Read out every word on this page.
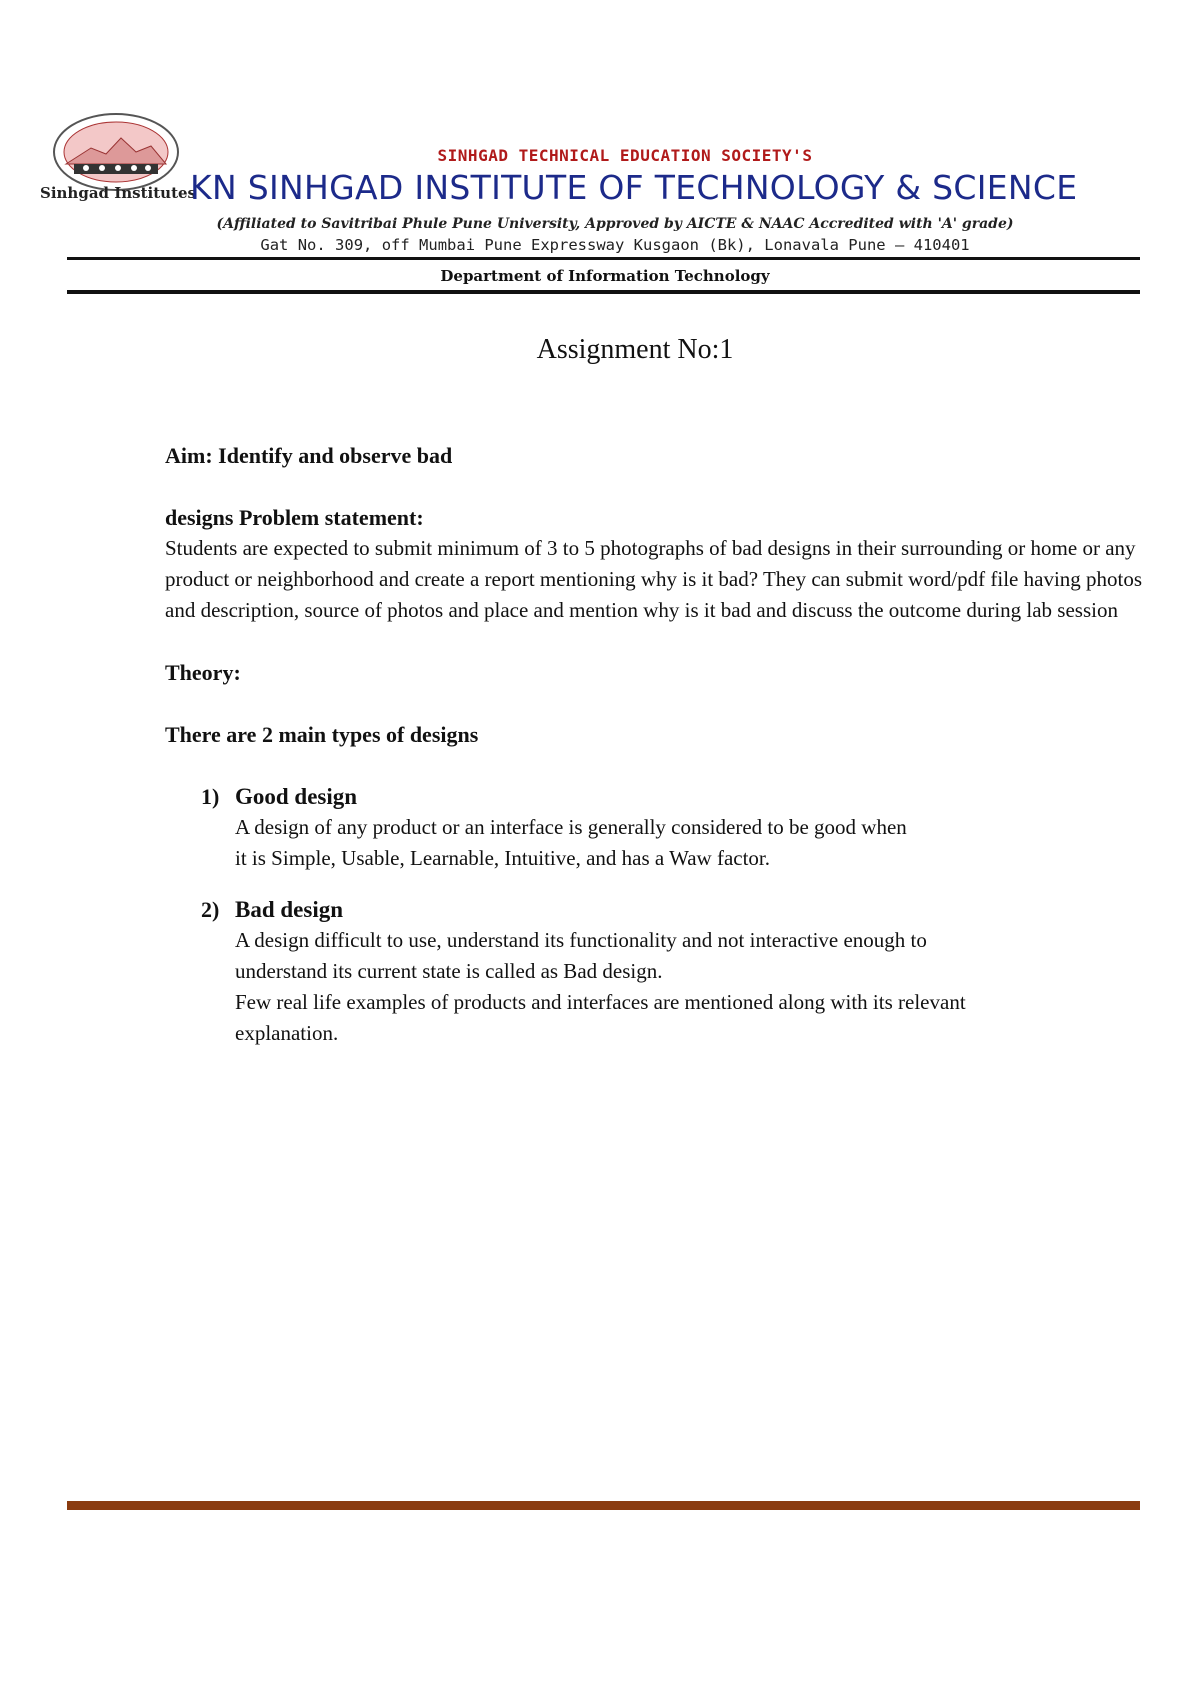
Sinhgad Institutes
SINHGAD TECHNICAL EDUCATION SOCIETY'S
KN SINHGAD INSTITUTE OF TECHNOLOGY & SCIENCE
(Affiliated to Savitribai Phule Pune University, Approved by AICTE & NAAC Accredited with 'A' grade)
Gat No. 309, off Mumbai Pune Expressway Kusgaon (Bk), Lonavala Pune – 410401
Department of Information Technology
Assignment No:1

Aim: Identify and observe bad

designs Problem statement:

Students are expected to submit minimum of 3 to 5 photographs of bad designs in their surrounding or home or any product or neighborhood and create a report mentioning why is it bad? They can submit word/pdf file having photos and description, source of photos and place and mention why is it bad and discuss the outcome during lab session

Theory:

There are 2 main types of designs

1) Good design
A design of any product or an interface is generally considered to be good when
it is Simple, Usable, Learnable, Intuitive, and has a Waw factor.
2) Bad design
A design difficult to use, understand its functionality and not interactive enough to
understand its current state is called as Bad design.
Few real life examples of products and interfaces are mentioned along with its relevant
explanation.
